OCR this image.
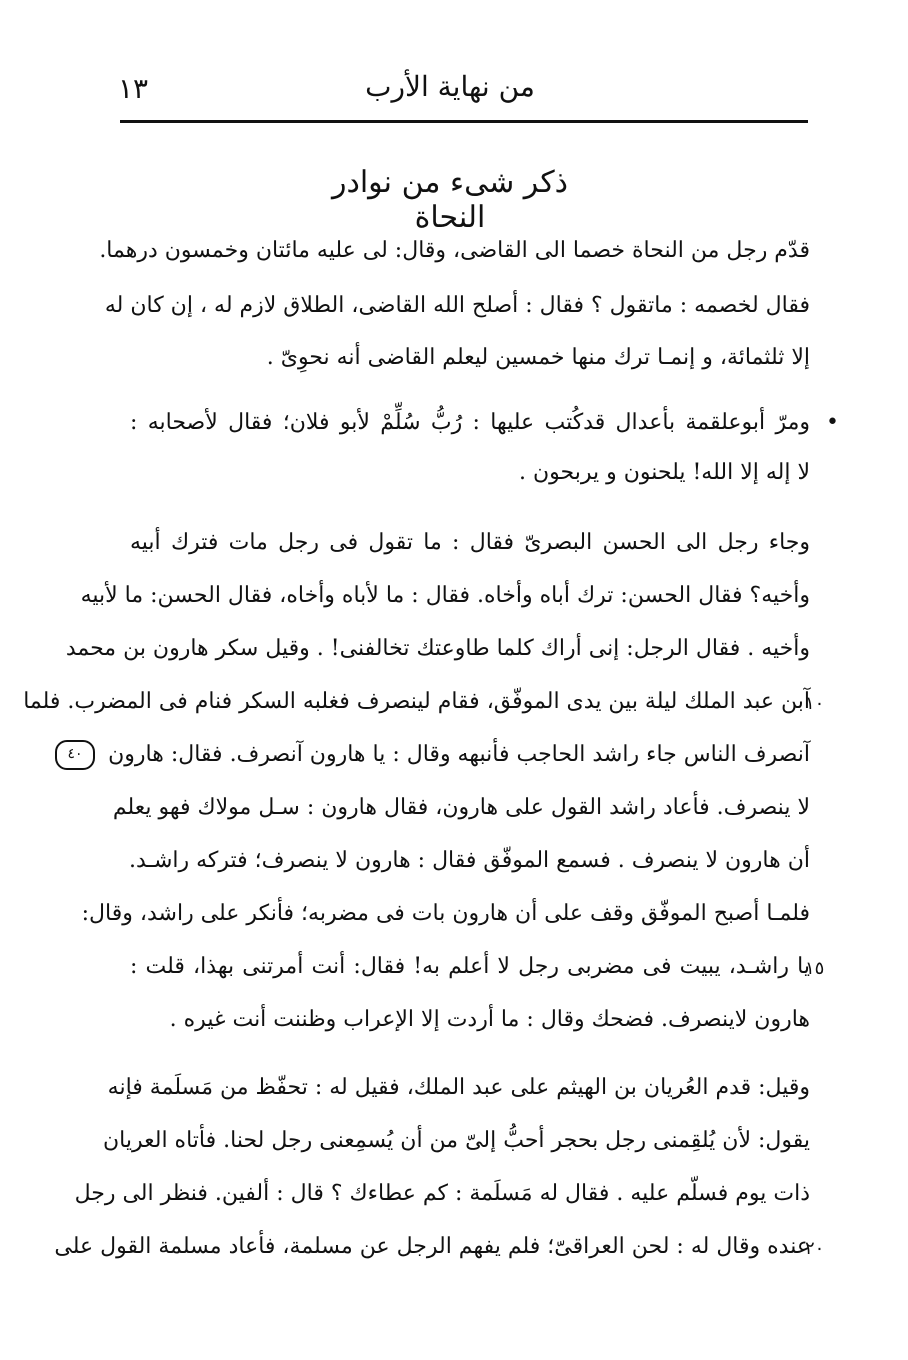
١٣	من نهاية الأرب
ذكر شىء من نوادر النحاة
قدّم رجل من النحاة خصما الى القاضى، وقال: لى عليه مائتان وخمسون درهما.
فقال لخصمه : ماتقول ؟ فقال : أصلح الله القاضى، الطلاق لازم له ، إن كان له
إلا ثلثمائة، و إنمـا ترك منها خمسين ليعلم القاضى أنه نحوِىّ .
•
ومرّ أبوعلقمة بأعدال قدكُتب عليها : رُبُّ سُلِّمْ لأبو فلان؛ فقال لأصحابه :
لا إله إلا الله! يلحنون و يربحون .
وجاء رجل الى الحسن البصرىّ فقال : ما تقول فى رجل مات فترك أبيه
وأخيه؟ فقال الحسن: ترك أباه وأخاه. فقال : ما لأباه وأخاه، فقال الحسن: ما لأبيه
وأخيه . فقال الرجل: إنى أراك كلما طاوعتك تخالفنى! . وقيل سكر هارون بن محمد
١٠
آبن عبد الملك ليلة بين يدى الموفّق، فقام لينصرف فغلبه السكر فنام فى المضرب. فلما
٤٠	آنصرف الناس جاء راشد الحاجب فأنبهه وقال : يا هارون آنصرف. فقال: هارون
لا ينصرف. فأعاد راشد القول على هارون، فقال هارون : سـل مولاك فهو يعلم
أن هارون لا ينصرف . فسمع الموفّق فقال : هارون لا ينصرف؛ فتركه راشـد.
فلمـا أصبح الموفّق وقف على أن هارون بات فى مضربه؛ فأنكر على راشد، وقال:
١٥
يا راشـد، يبيت فى مضربى رجل لا أعلم به! فقال: أنت أمرتنى بهذا، قلت :
هارون لاينصرف. فضحك وقال : ما أردت إلا الإعراب وظننت أنت غيره .
وقيل: قدم العُريان بن الهيثم على عبد الملك، فقيل له : تحفّظ من مَسلَمة فإنه
يقول: لأن يُلقِمنى رجل بحجر أحبُّ إلىّ من أن يُسمِعنى رجل لحنا. فأتاه العريان
ذات يوم فسلّم عليه . فقال له مَسلَمة : كم عطاءك ؟ قال : ألفين. فنظر الى رجل
٢٠
عنده وقال له : لحن العراقىّ؛ فلم يفهم الرجل عن مسلمة، فأعاد مسلمة القول على
